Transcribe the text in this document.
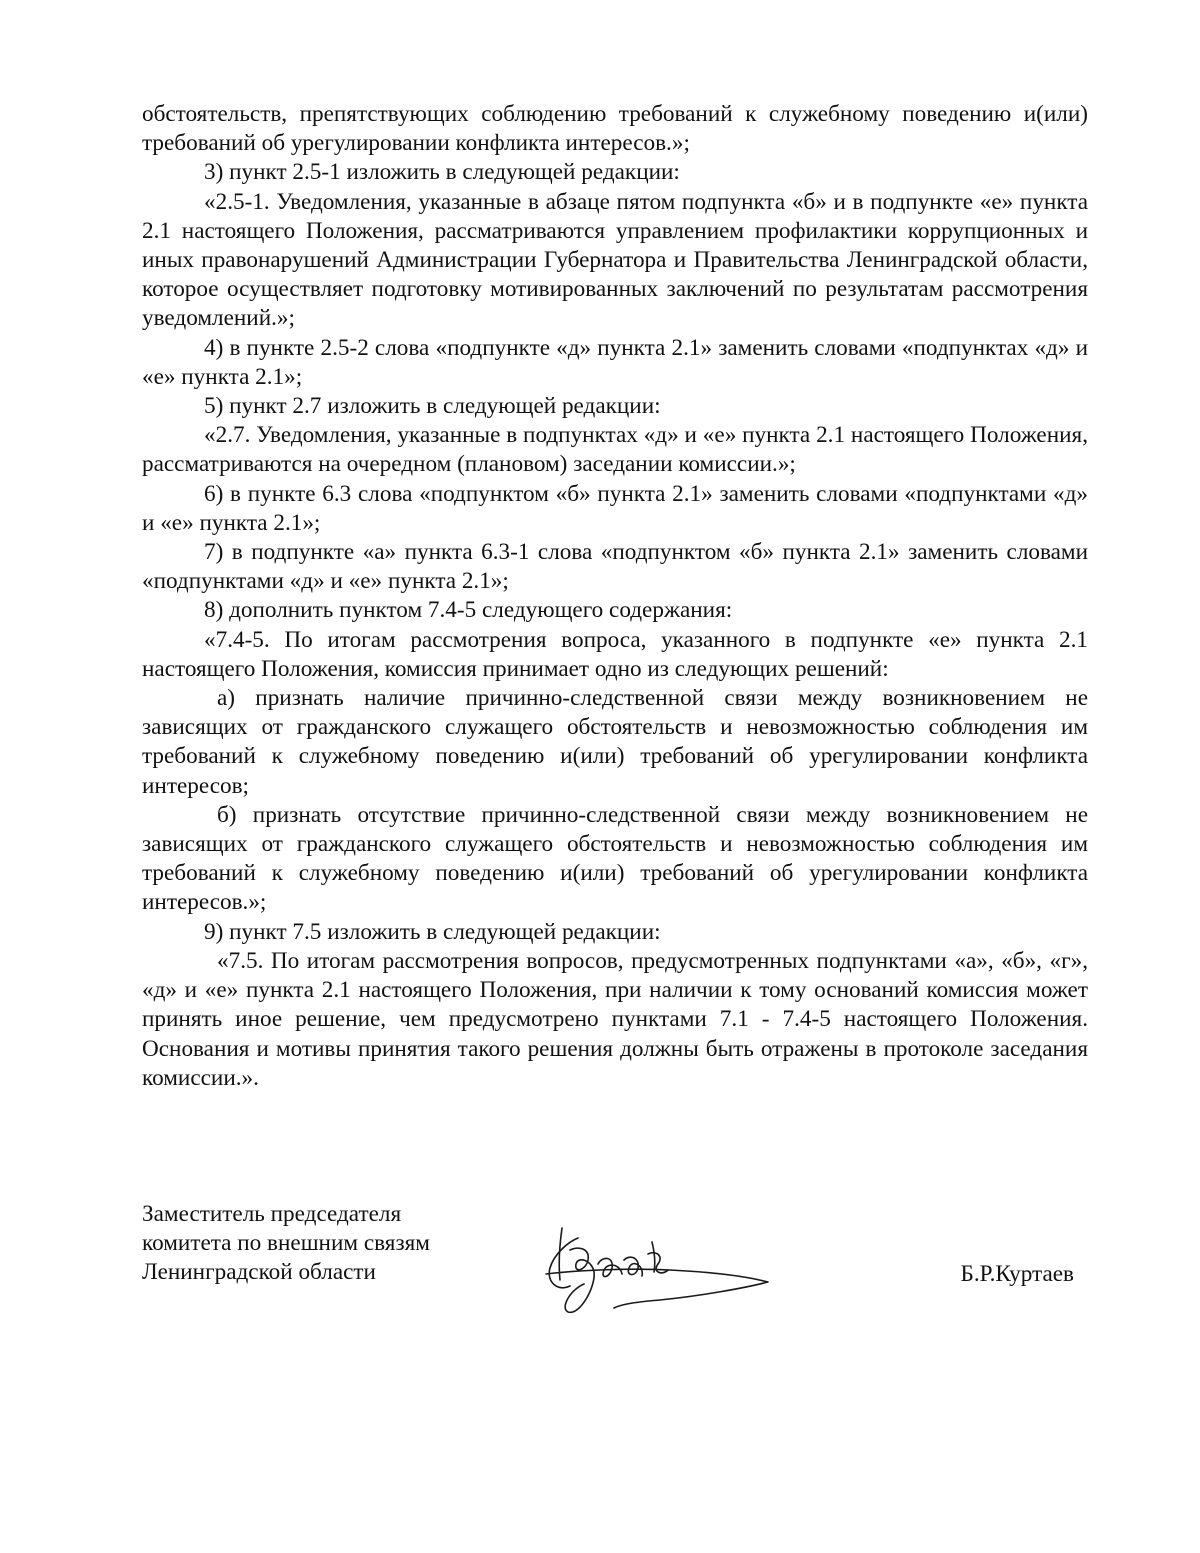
обстоятельств, препятствующих соблюдению требований к служебному поведению и(или) требований об урегулировании конфликта интересов.»;

3) пункт 2.5-1 изложить в следующей редакции:

«2.5-1. Уведомления, указанные в абзаце пятом подпункта «б» и в подпункте «е» пункта 2.1 настоящего Положения, рассматриваются управлением профилактики коррупционных и иных правонарушений Администрации Губернатора и Правительства Ленинградской области, которое осуществляет подготовку мотивированных заключений по результатам рассмотрения уведомлений.»;

4) в пункте 2.5-2 слова «подпункте «д» пункта 2.1» заменить словами «подпунктах «д» и «е» пункта 2.1»;

5) пункт 2.7 изложить в следующей редакции:

«2.7. Уведомления, указанные в подпунктах «д» и «е» пункта 2.1 настоящего Положения, рассматриваются на очередном (плановом) заседании комиссии.»;

6) в пункте 6.3 слова «подпунктом «б» пункта 2.1» заменить словами «подпунктами «д» и «е» пункта 2.1»;

7) в подпункте «а» пункта 6.3-1 слова «подпунктом «б» пункта 2.1» заменить словами «подпунктами «д» и «е» пункта 2.1»;

8) дополнить пунктом 7.4-5 следующего содержания:

«7.4-5. По итогам рассмотрения вопроса, указанного в подпункте «е» пункта 2.1 настоящего Положения, комиссия принимает одно из следующих решений:

а) признать наличие причинно-следственной связи между возникновением не зависящих от гражданского служащего обстоятельств и невозможностью соблюдения им требований к служебному поведению и(или) требований об урегулировании конфликта интересов;

б) признать отсутствие причинно-следственной связи между возникновением не зависящих от гражданского служащего обстоятельств и невозможностью соблюдения им требований к служебному поведению и(или) требований об урегулировании конфликта интересов.»;

9) пункт 7.5 изложить в следующей редакции:

«7.5. По итогам рассмотрения вопросов, предусмотренных подпунктами «а», «б», «г», «д» и «е» пункта 2.1 настоящего Положения, при наличии к тому оснований комиссия может принять иное решение, чем предусмотрено пунктами 7.1 - 7.4-5 настоящего Положения. Основания и мотивы принятия такого решения должны быть отражены в протоколе заседания комиссии.».

Заместитель председателя
комитета по внешним связям
Ленинградской области	Б.Р.Куртаев
